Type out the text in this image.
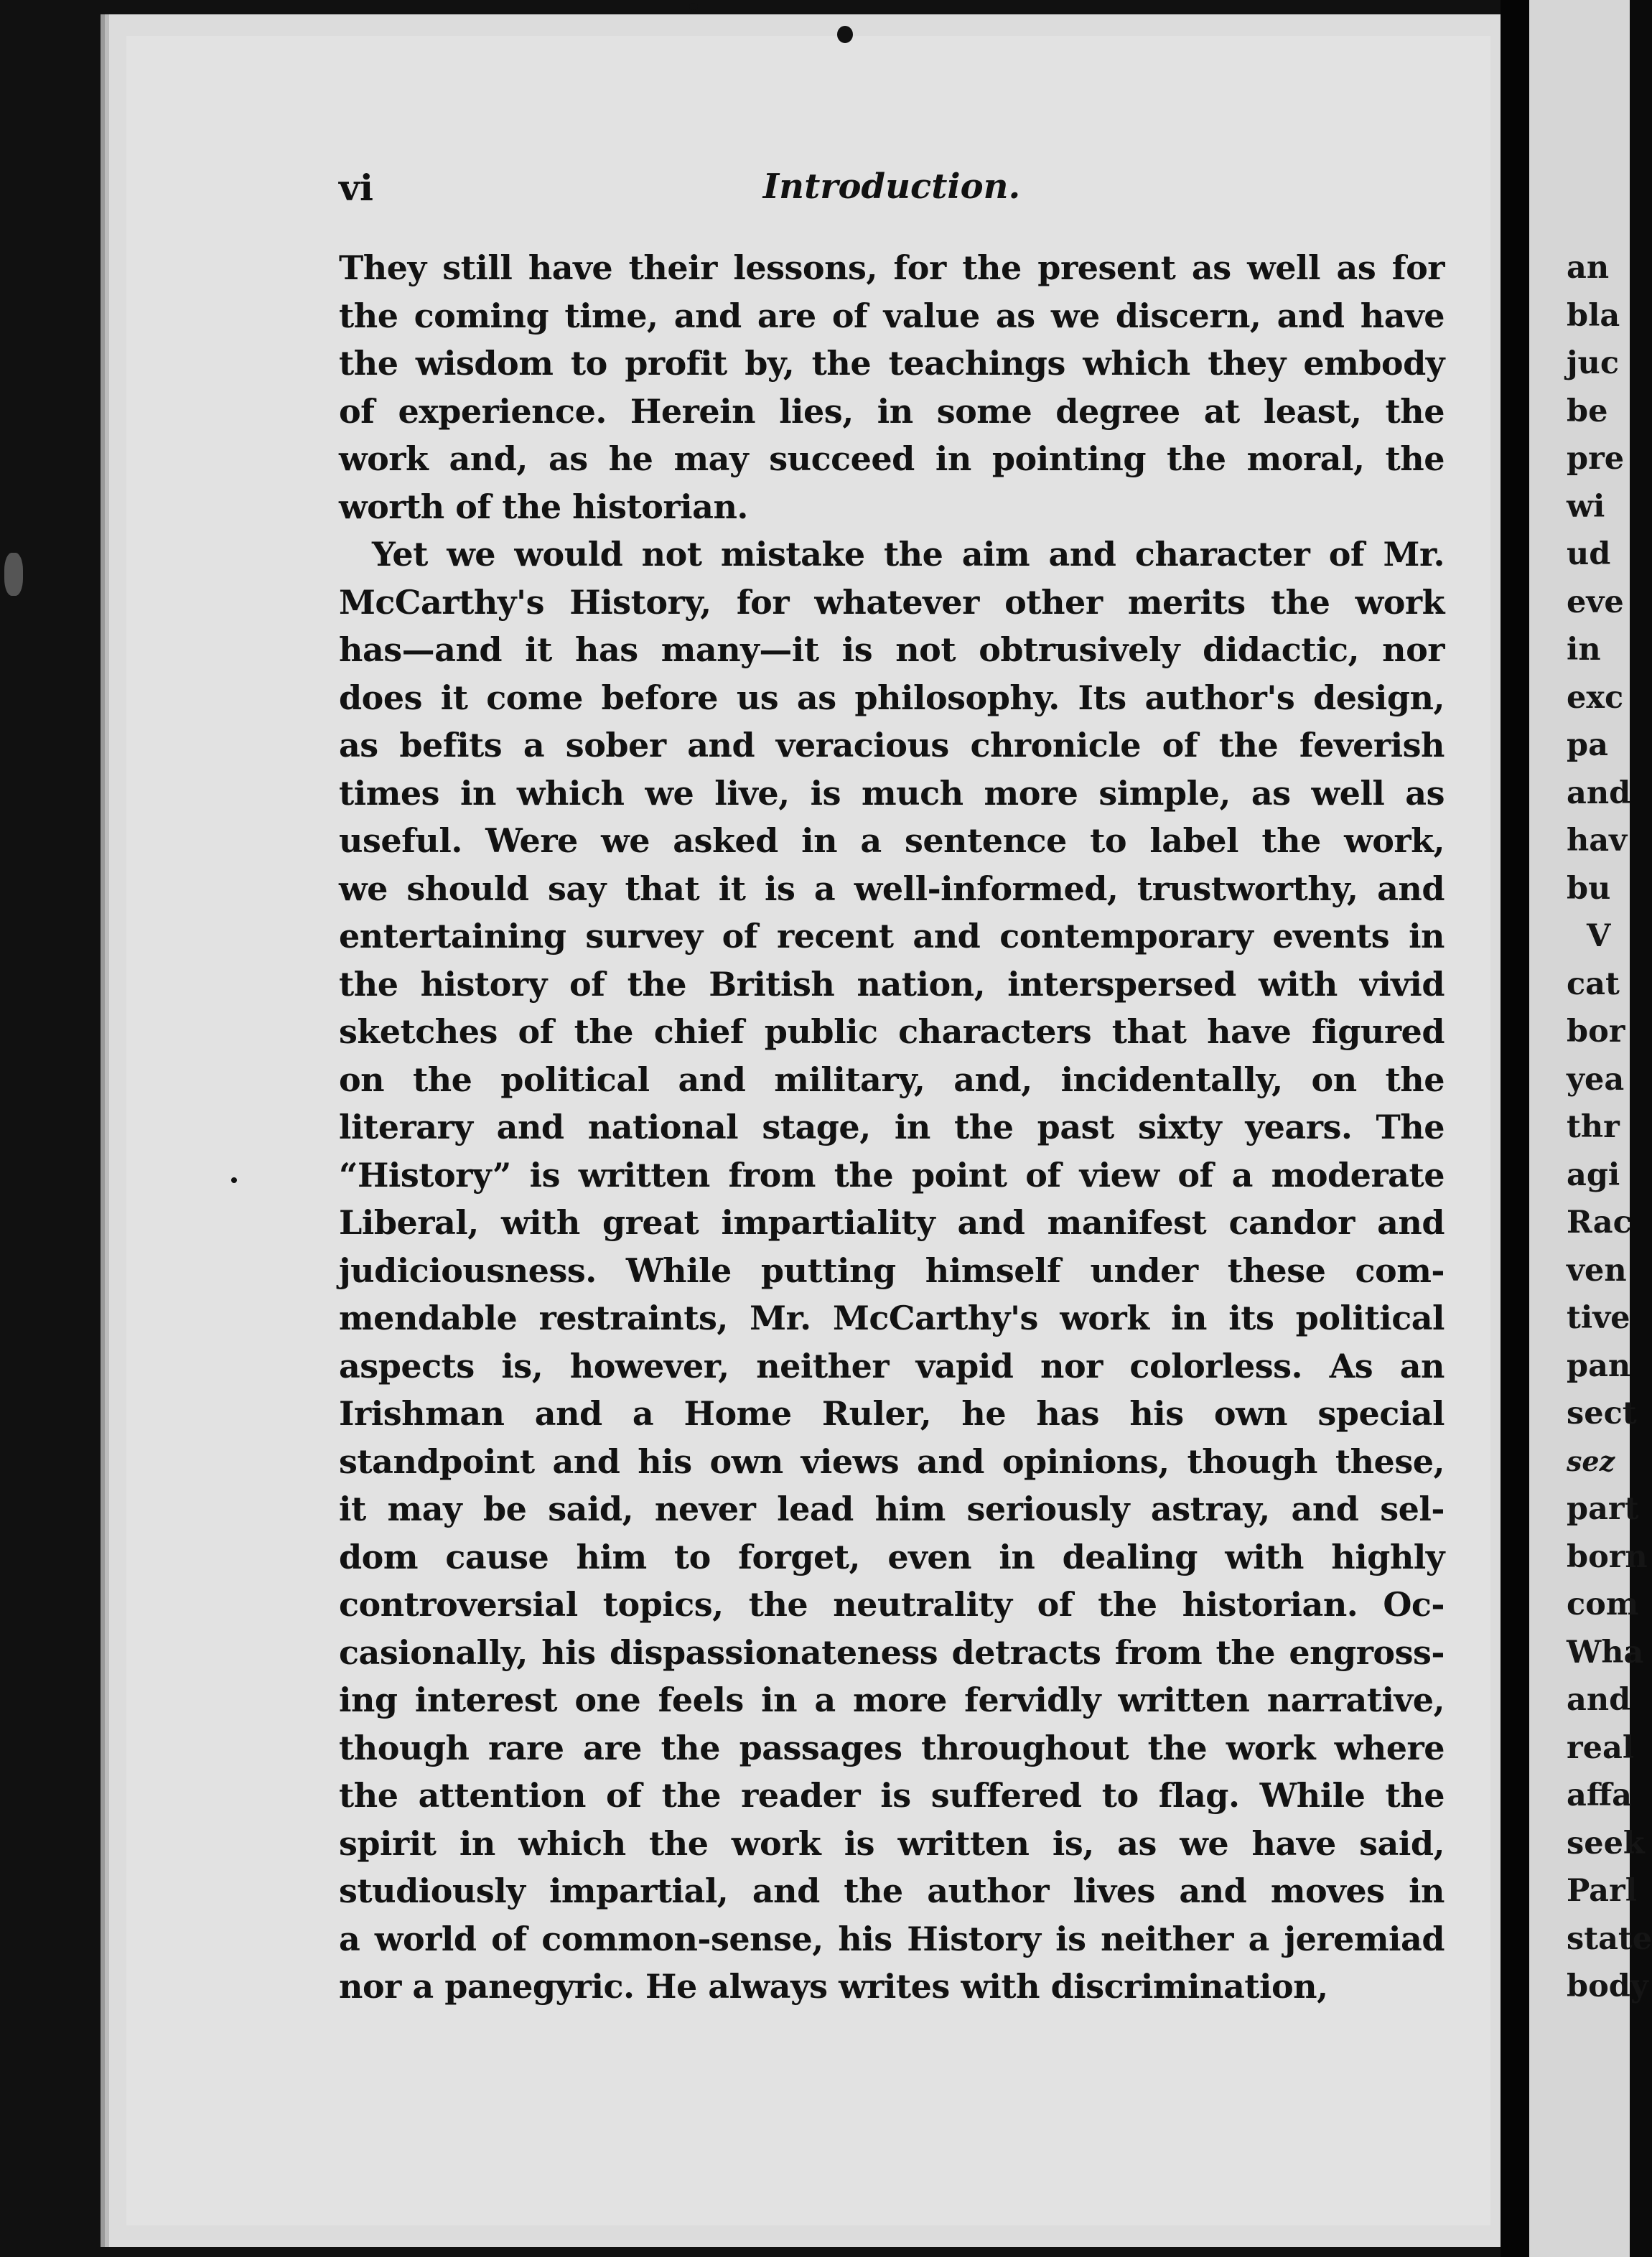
vi	Introduction.
They still have their lessons, for the present as well as for
the coming time, and are of value as we discern, and have
the wisdom to profit by, the teachings which they embody
of experience. Herein lies, in some degree at least, the
work and, as he may succeed in pointing the moral, the
worth of the historian.
Yet we would not mistake the aim and character of Mr.
McCarthy's History, for whatever other merits the work
has—and it has many—it is not obtrusively didactic, nor
does it come before us as philosophy. Its author's design,
as befits a sober and veracious chronicle of the feverish
times in which we live, is much more simple, as well as
useful. Were we asked in a sentence to label the work,
we should say that it is a well-informed, trustworthy, and
entertaining survey of recent and contemporary events in
the history of the British nation, interspersed with vivid
sketches of the chief public characters that have figured
on the political and military, and, incidentally, on the
literary and national stage, in the past sixty years. The
“History” is written from the point of view of a moderate
Liberal, with great impartiality and manifest candor and
judiciousness. While putting himself under these com-
mendable restraints, Mr. McCarthy's work in its political
aspects is, however, neither vapid nor colorless. As an
Irishman and a Home Ruler, he has his own special
standpoint and his own views and opinions, though these,
it may be said, never lead him seriously astray, and sel-
dom cause him to forget, even in dealing with highly
controversial topics, the neutrality of the historian. Oc-
casionally, his dispassionateness detracts from the engross-
ing interest one feels in a more fervidly written narrative,
though rare are the passages throughout the work where
the attention of the reader is suffered to flag. While the
spirit in which the work is written is, as we have said,
studiously impartial, and the author lives and moves in
a world of common-sense, his History is neither a jeremiad
nor a panegyric. He always writes with discrimination,
an
bla
juc
be
pre
wi
ud
eve
in
exc
pa
and
hav
bu
V
cat
bor
yea
thr
agi
Rac
ven
tive
pan
sect
sez
part
born
com
Wha
and
real
affa
seek
Parl
state
body
